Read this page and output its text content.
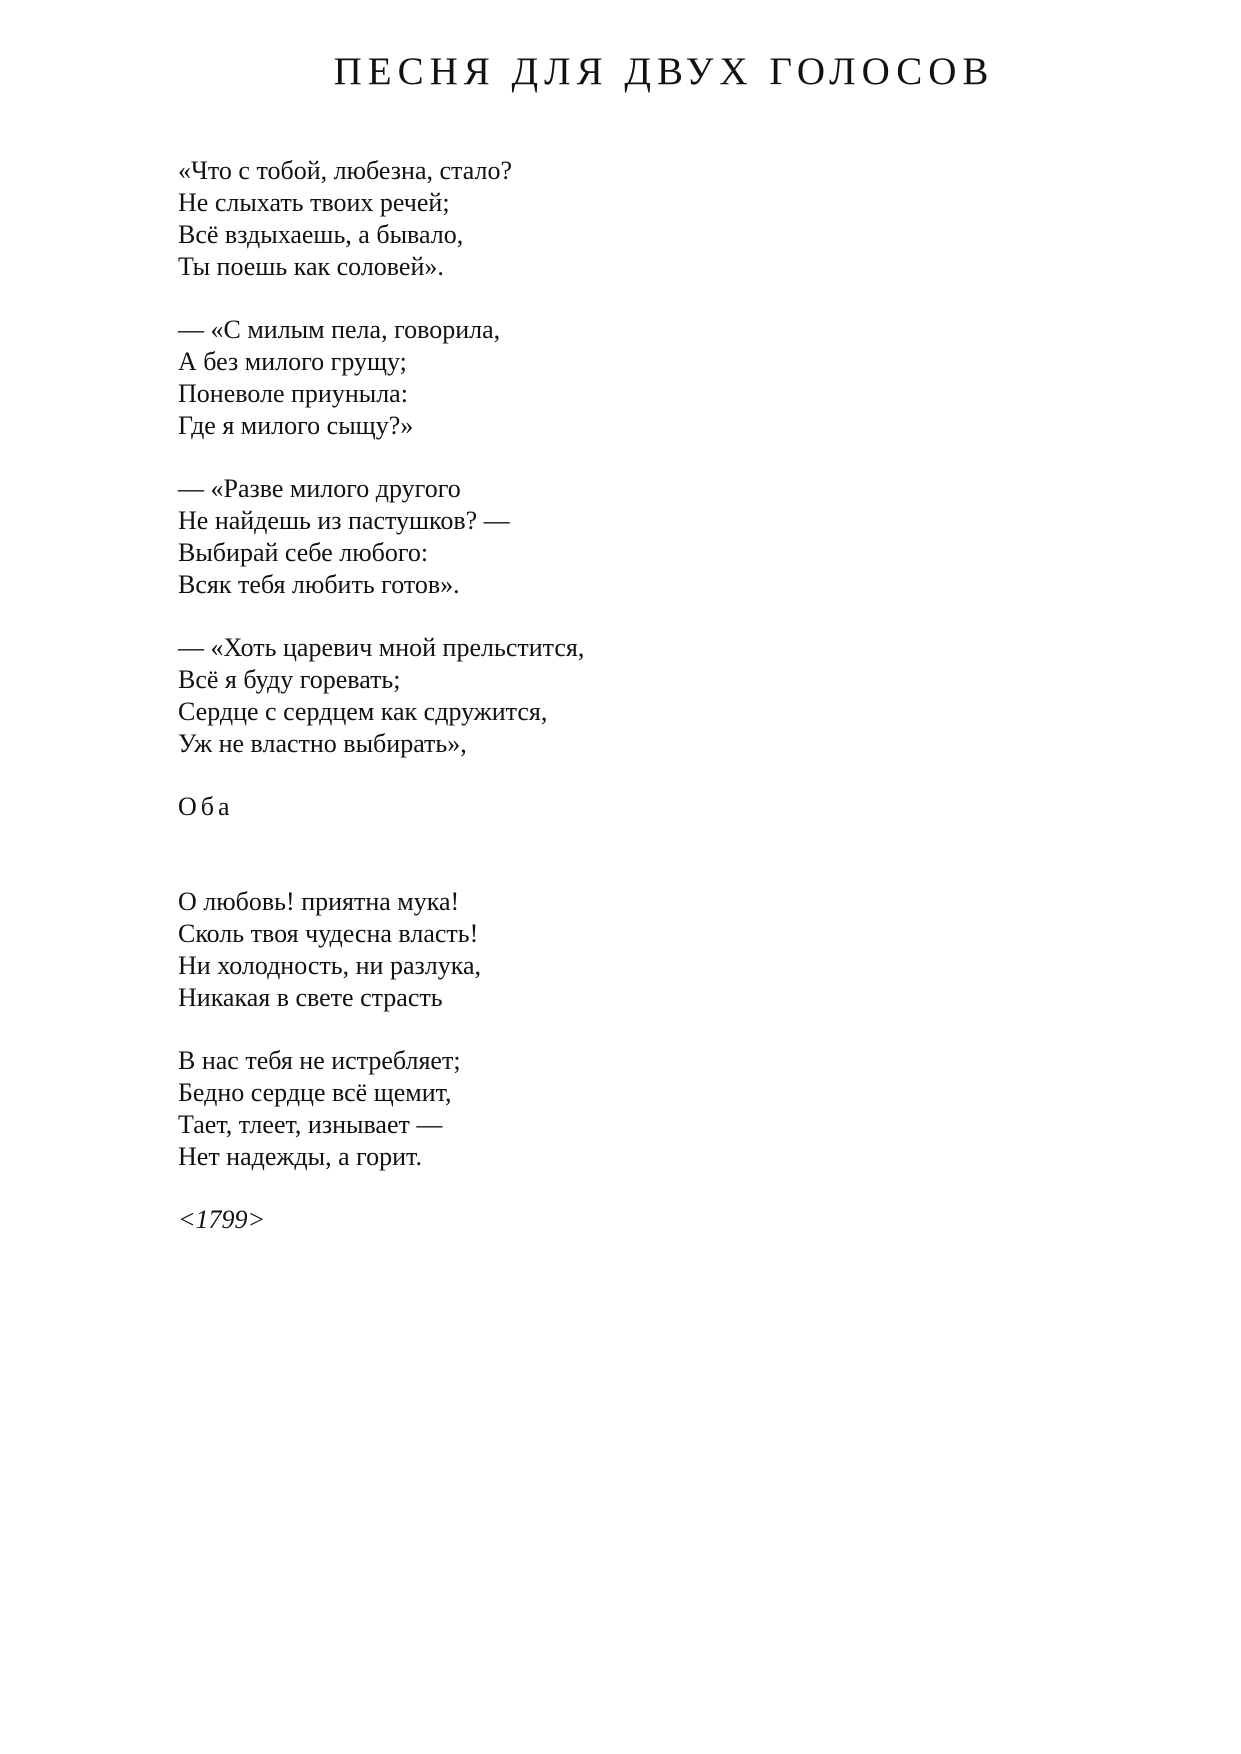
ПЕСНЯ ДЛЯ ДВУХ ГОЛОСОВ
«Что с тобой, любезна, стало?
Не слыхать твоих речей;
Всё вздыхаешь, а бывало,
Ты поешь как соловей».
— «С милым пела, говорила,
А без милого грущу;
Поневоле приуныла:
Где я милого сыщу?»
— «Разве милого другого
Не найдешь из пастушков? —
Выбирай себе любого:
Всяк тебя любить готов».
— «Хоть царевич мной прельстится,
Всё я буду горевать;
Сердце с сердцем как сдружится,
Уж не властно выбирать»,
Оба
О любовь! приятна мука!
Сколь твоя чудесна власть!
Ни холодность, ни разлука,
Никакая в свете страсть
В нас тебя не истребляет;
Бедно сердце всё щемит,
Тает, тлеет, изнывает —
Нет надежды, а горит.
<1799>
